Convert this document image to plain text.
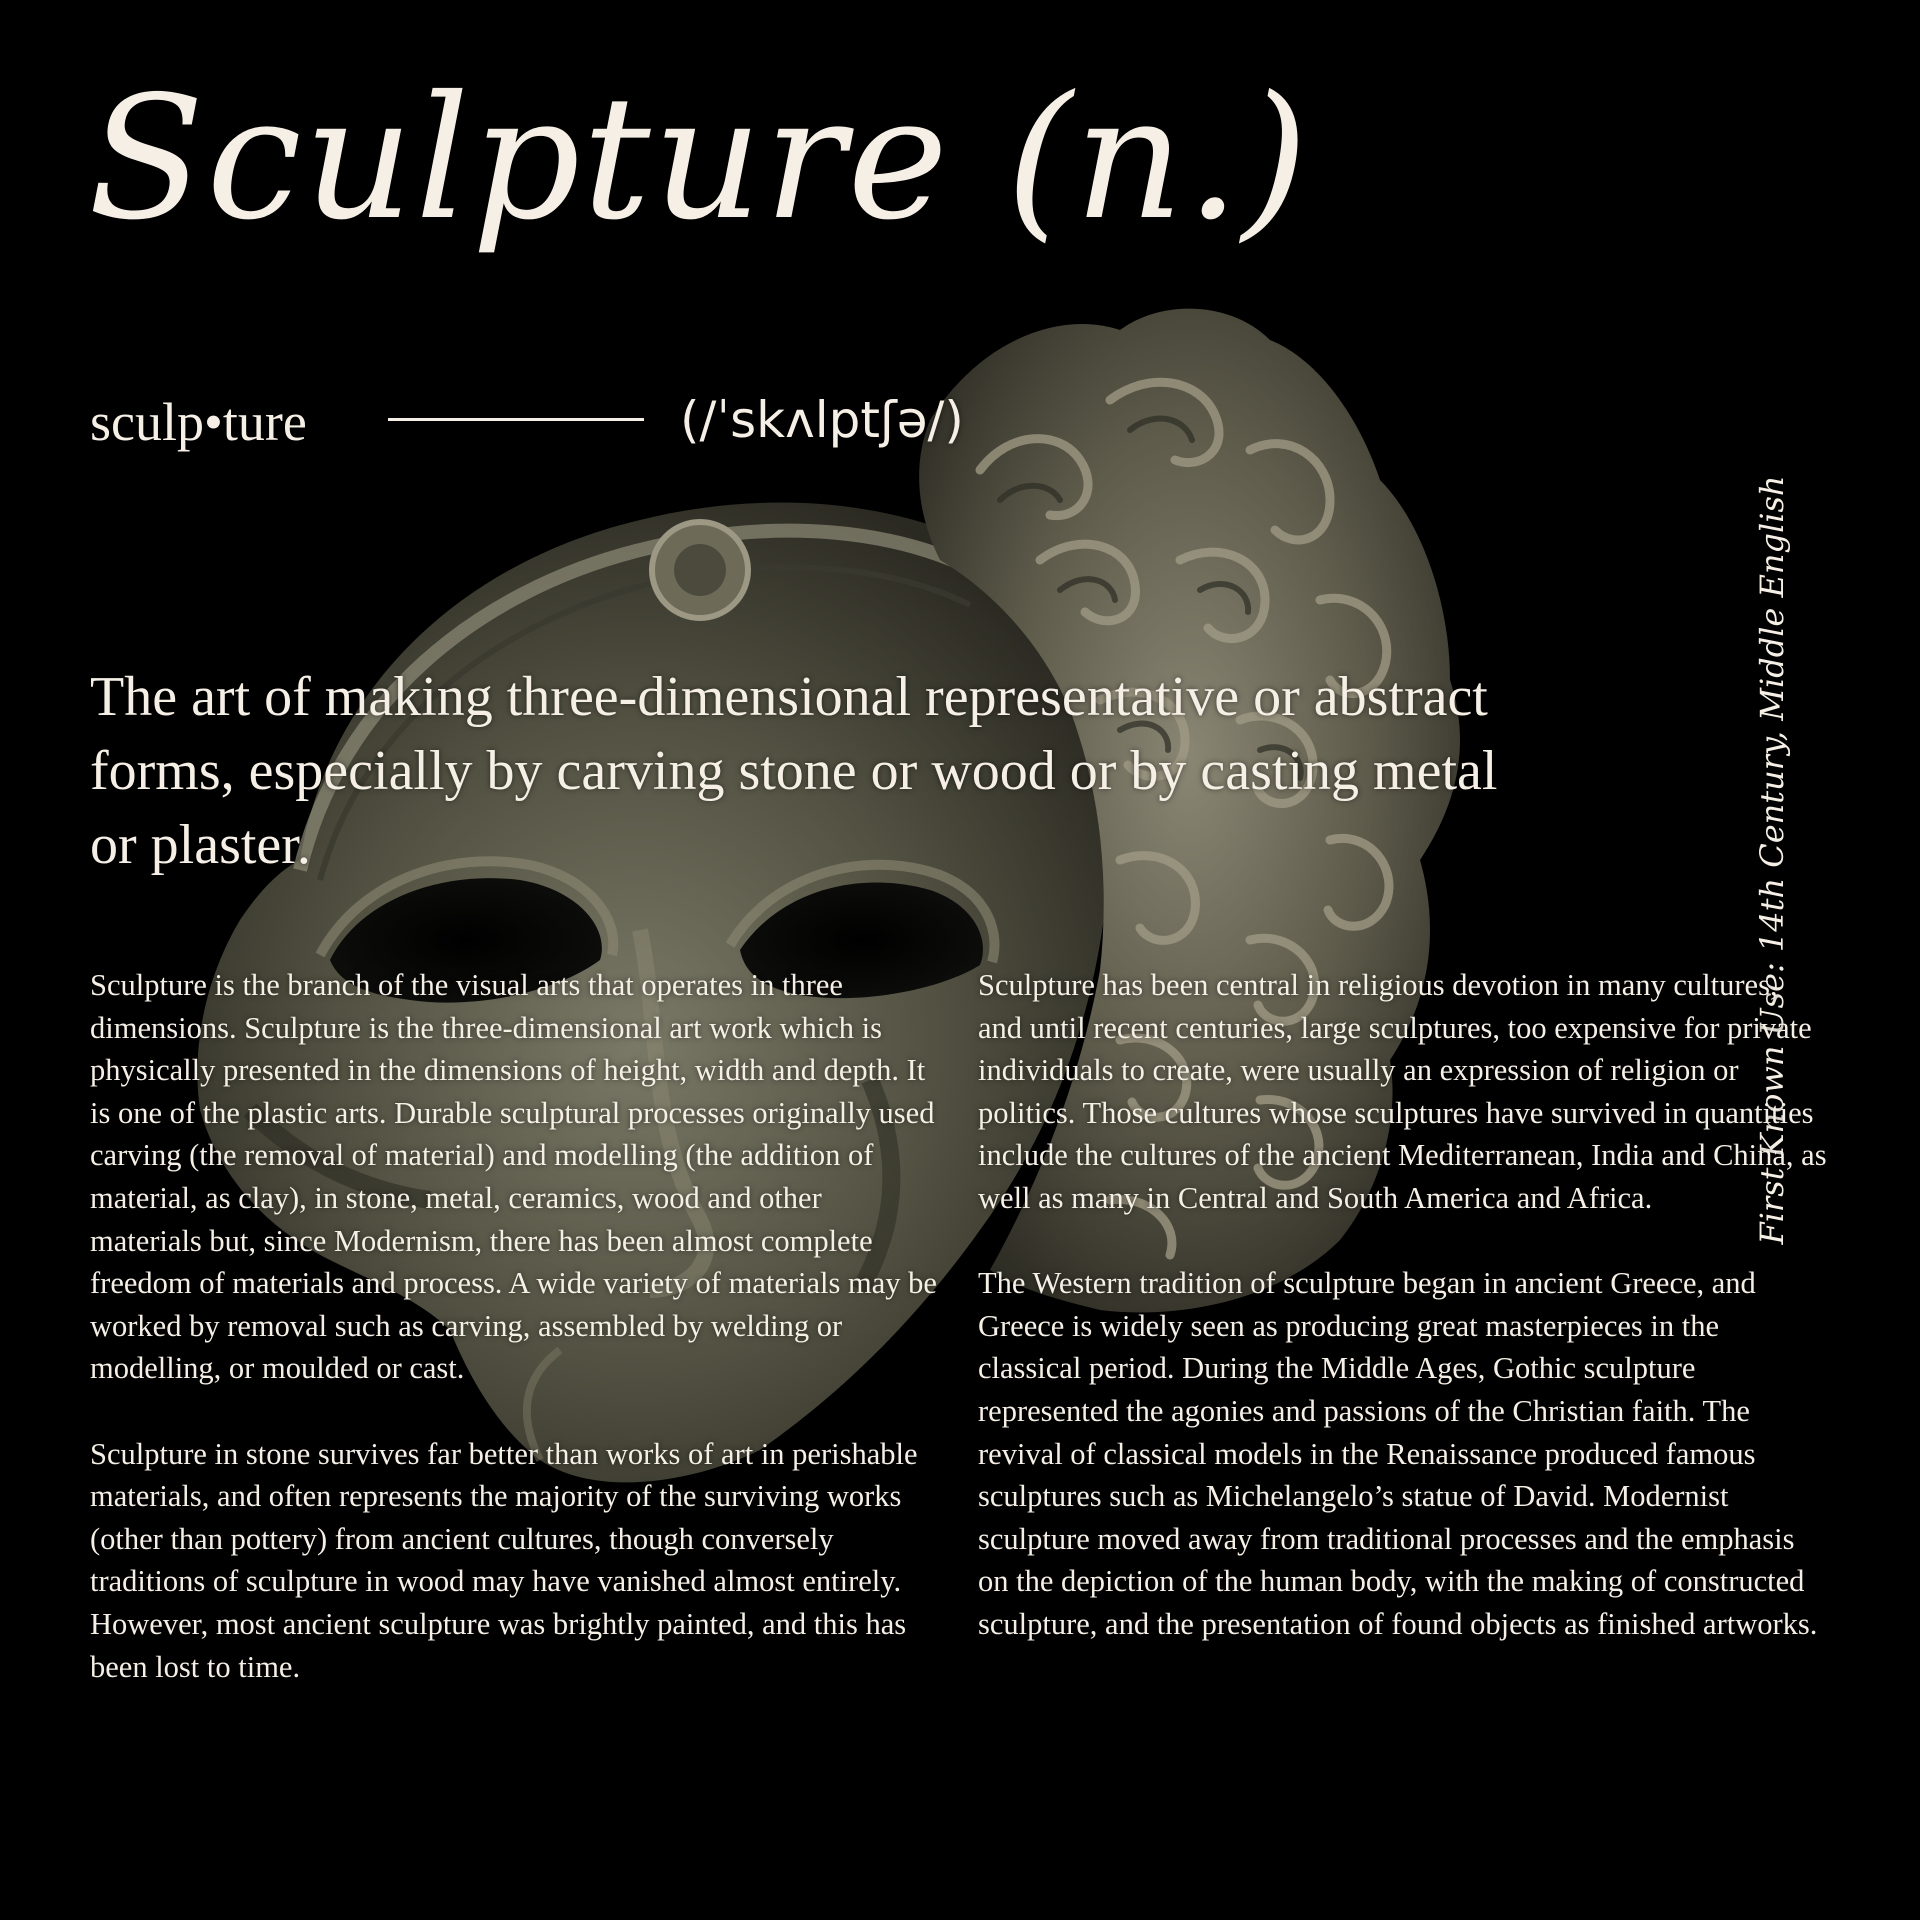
Sculpture (n.)
sculp•ture	(/ˈskʌlptʃə/)
First Known Use: 14th Century, Middle English

The art of making three-dimensional representative or abstract forms, especially by carving stone or wood or by casting metal or plaster.

Sculpture is the branch of the visual arts that operates in three dimensions. Sculpture is the three-dimensional art work which is physically presented in the dimensions of height, width and depth. It is one of the plastic arts. Durable sculptural processes originally used carving (the removal of material) and modelling (the addition of material, as clay), in stone, metal, ceramics, wood and other materials but, since Modernism, there has been almost complete freedom of materials and process. A wide variety of materials may be worked by removal such as carving, assembled by welding or modelling, or moulded or cast.

Sculpture in stone survives far better than works of art in perishable materials, and often represents the majority of the surviving works (other than pottery) from ancient cultures, though conversely traditions of sculpture in wood may have vanished almost entirely. However, most ancient sculpture was brightly painted, and this has been lost to time.

Sculpture has been central in religious devotion in many cultures, and until recent centuries, large sculptures, too expensive for private individuals to create, were usually an expression of religion or politics. Those cultures whose sculptures have survived in quantities include the cultures of the ancient Mediterranean, India and China, as well as many in Central and South America and Africa.

The Western tradition of sculpture began in ancient Greece, and Greece is widely seen as producing great masterpieces in the classical period. During the Middle Ages, Gothic sculpture represented the agonies and passions of the Christian faith. The revival of classical models in the Renaissance produced famous sculptures such as Michelangelo’s statue of David. Modernist sculpture moved away from traditional processes and the emphasis on the depiction of the human body, with the making of constructed sculpture, and the presentation of found objects as finished artworks.
